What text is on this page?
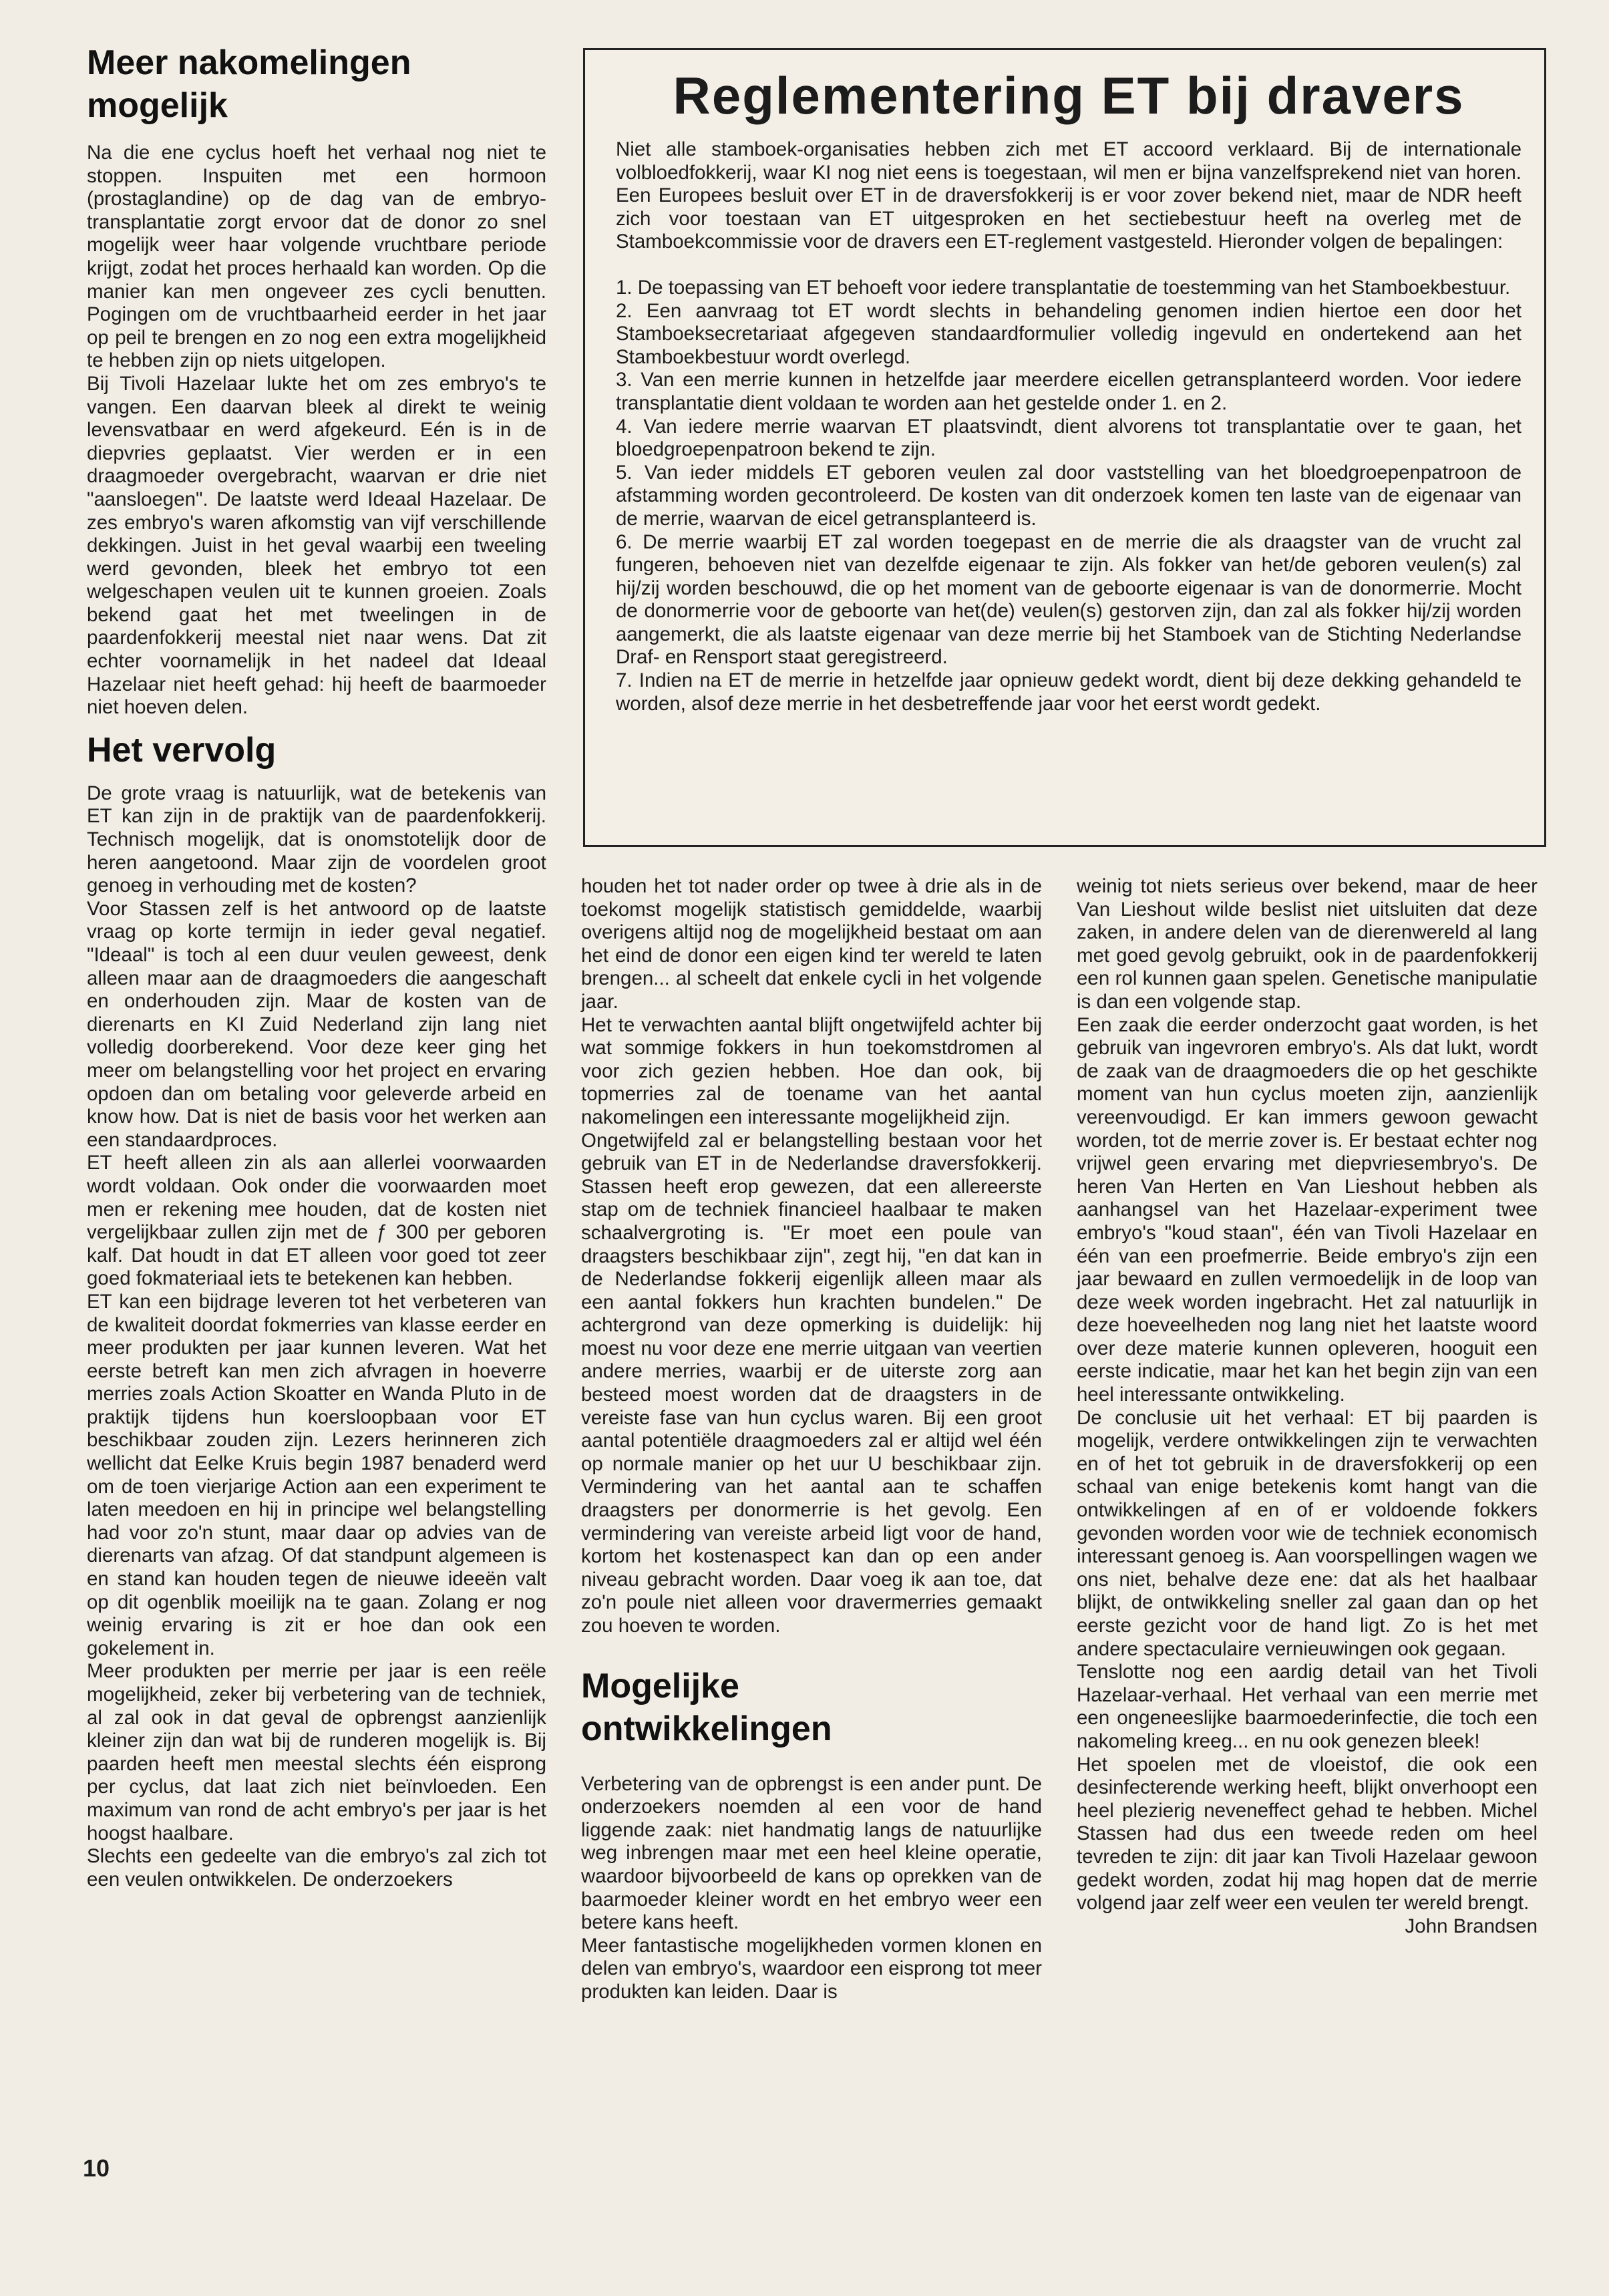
Meer nakomelingen mogelijk

Na die ene cyclus hoeft het verhaal nog niet te stoppen. Inspuiten met een hormoon (prostaglandine) op de dag van de embryo-transplantatie zorgt ervoor dat de donor zo snel mogelijk weer haar volgende vruchtbare periode krijgt, zodat het proces herhaald kan worden. Op die manier kan men ongeveer zes cycli benutten. Pogingen om de vruchtbaarheid eerder in het jaar op peil te brengen en zo nog een extra mogelijkheid te hebben zijn op niets uitgelopen.

Bij Tivoli Hazelaar lukte het om zes embryo's te vangen. Een daarvan bleek al direkt te weinig levensvatbaar en werd afgekeurd. Eén is in de diepvries geplaatst. Vier werden er in een draagmoeder overgebracht, waarvan er drie niet "aansloegen". De laatste werd Ideaal Hazelaar. De zes embryo's waren afkomstig van vijf verschillende dekkingen. Juist in het geval waarbij een tweeling werd gevonden, bleek het embryo tot een welgeschapen veulen uit te kunnen groeien. Zoals bekend gaat het met tweelingen in de paardenfokkerij meestal niet naar wens. Dat zit echter voornamelijk in het nadeel dat Ideaal Hazelaar niet heeft gehad: hij heeft de baarmoeder niet hoeven delen.

Het vervolg

De grote vraag is natuurlijk, wat de betekenis van ET kan zijn in de praktijk van de paardenfokkerij. Technisch mogelijk, dat is onomstotelijk door de heren aangetoond. Maar zijn de voordelen groot genoeg in verhouding met de kosten?

Voor Stassen zelf is het antwoord op de laatste vraag op korte termijn in ieder geval negatief. "Ideaal" is toch al een duur veulen geweest, denk alleen maar aan de draagmoeders die aangeschaft en onderhouden zijn. Maar de kosten van de dierenarts en KI Zuid Nederland zijn lang niet volledig doorberekend. Voor deze keer ging het meer om belangstelling voor het project en ervaring opdoen dan om betaling voor geleverde arbeid en know how. Dat is niet de basis voor het werken aan een standaardproces.

ET heeft alleen zin als aan allerlei voorwaarden wordt voldaan. Ook onder die voorwaarden moet men er rekening mee houden, dat de kosten niet vergelijkbaar zullen zijn met de ƒ 300 per geboren kalf. Dat houdt in dat ET alleen voor goed tot zeer goed fokmateriaal iets te betekenen kan hebben.

ET kan een bijdrage leveren tot het verbeteren van de kwaliteit doordat fokmerries van klasse eerder en meer produkten per jaar kunnen leveren. Wat het eerste betreft kan men zich afvragen in hoeverre merries zoals Action Skoatter en Wanda Pluto in de praktijk tijdens hun koersloopbaan voor ET beschikbaar zouden zijn. Lezers herinneren zich wellicht dat Eelke Kruis begin 1987 benaderd werd om de toen vierjarige Action aan een experiment te laten meedoen en hij in principe wel belangstelling had voor zo'n stunt, maar daar op advies van de dierenarts van afzag. Of dat standpunt algemeen is en stand kan houden tegen de nieuwe ideeën valt op dit ogenblik moeilijk na te gaan. Zolang er nog weinig ervaring is zit er hoe dan ook een gokelement in.

Meer produkten per merrie per jaar is een reële mogelijkheid, zeker bij verbetering van de techniek, al zal ook in dat geval de opbrengst aanzienlijk kleiner zijn dan wat bij de runderen mogelijk is. Bij paarden heeft men meestal slechts één eisprong per cyclus, dat laat zich niet beïnvloeden. Een maximum van rond de acht embryo's per jaar is het hoogst haalbare.

Slechts een gedeelte van die embryo's zal zich tot een veulen ontwikkelen. De onderzoekers

Reglementering ET bij dravers

Niet alle stamboek-organisaties hebben zich met ET accoord verklaard. Bij de internationale volbloedfokkerij, waar KI nog niet eens is toegestaan, wil men er bijna vanzelfsprekend niet van horen. Een Europees besluit over ET in de draversfokkerij is er voor zover bekend niet, maar de NDR heeft zich voor toestaan van ET uitgesproken en het sectiebestuur heeft na overleg met de Stamboekcommissie voor de dravers een ET-reglement vastgesteld. Hieronder volgen de bepalingen:

1. De toepassing van ET behoeft voor iedere transplantatie de toestemming van het Stamboekbestuur.

2. Een aanvraag tot ET wordt slechts in behandeling genomen indien hiertoe een door het Stamboeksecretariaat afgegeven standaardformulier volledig ingevuld en ondertekend aan het Stamboekbestuur wordt overlegd.

3. Van een merrie kunnen in hetzelfde jaar meerdere eicellen getransplanteerd worden. Voor iedere transplantatie dient voldaan te worden aan het gestelde onder 1. en 2.

4. Van iedere merrie waarvan ET plaatsvindt, dient alvorens tot transplantatie over te gaan, het bloedgroepenpatroon bekend te zijn.

5. Van ieder middels ET geboren veulen zal door vaststelling van het bloedgroepenpatroon de afstamming worden gecontroleerd. De kosten van dit onderzoek komen ten laste van de eigenaar van de merrie, waarvan de eicel getransplanteerd is.

6. De merrie waarbij ET zal worden toegepast en de merrie die als draagster van de vrucht zal fungeren, behoeven niet van dezelfde eigenaar te zijn. Als fokker van het/de geboren veulen(s) zal hij/zij worden beschouwd, die op het moment van de geboorte eigenaar is van de donormerrie. Mocht de donormerrie voor de geboorte van het(de) veulen(s) gestorven zijn, dan zal als fokker hij/zij worden aangemerkt, die als laatste eigenaar van deze merrie bij het Stamboek van de Stichting Nederlandse Draf- en Rensport staat geregistreerd.

7. Indien na ET de merrie in hetzelfde jaar opnieuw gedekt wordt, dient bij deze dekking gehandeld te worden, alsof deze merrie in het desbetreffende jaar voor het eerst wordt gedekt.

houden het tot nader order op twee à drie als in de toekomst mogelijk statistisch gemiddelde, waarbij overigens altijd nog de mogelijkheid bestaat om aan het eind de donor een eigen kind ter wereld te laten brengen... al scheelt dat enkele cycli in het volgende jaar.

Het te verwachten aantal blijft ongetwijfeld achter bij wat sommige fokkers in hun toekomstdromen al voor zich gezien hebben. Hoe dan ook, bij topmerries zal de toename van het aantal nakomelingen een interessante mogelijkheid zijn.

Ongetwijfeld zal er belangstelling bestaan voor het gebruik van ET in de Nederlandse draversfokkerij. Stassen heeft erop gewezen, dat een allereerste stap om de techniek financieel haalbaar te maken schaalvergroting is. "Er moet een poule van draagsters beschikbaar zijn", zegt hij, "en dat kan in de Nederlandse fokkerij eigenlijk alleen maar als een aantal fokkers hun krachten bundelen." De achtergrond van deze opmerking is duidelijk: hij moest nu voor deze ene merrie uitgaan van veertien andere merries, waarbij er de uiterste zorg aan besteed moest worden dat de draagsters in de vereiste fase van hun cyclus waren. Bij een groot aantal potentiële draagmoeders zal er altijd wel één op normale manier op het uur U beschikbaar zijn. Vermindering van het aantal aan te schaffen draagsters per donormerrie is het gevolg. Een vermindering van vereiste arbeid ligt voor de hand, kortom het kostenaspect kan dan op een ander niveau gebracht worden. Daar voeg ik aan toe, dat zo'n poule niet alleen voor dravermerries gemaakt zou hoeven te worden.

Mogelijke ontwikkelingen

Verbetering van de opbrengst is een ander punt. De onderzoekers noemden al een voor de hand liggende zaak: niet handmatig langs de natuurlijke weg inbrengen maar met een heel kleine operatie, waardoor bijvoorbeeld de kans op oprekken van de baarmoeder kleiner wordt en het embryo weer een betere kans heeft.

Meer fantastische mogelijkheden vormen klonen en delen van embryo's, waardoor een eisprong tot meer produkten kan leiden. Daar is

weinig tot niets serieus over bekend, maar de heer Van Lieshout wilde beslist niet uitsluiten dat deze zaken, in andere delen van de dierenwereld al lang met goed gevolg gebruikt, ook in de paardenfokkerij een rol kunnen gaan spelen. Genetische manipulatie is dan een volgende stap.

Een zaak die eerder onderzocht gaat worden, is het gebruik van ingevroren embryo's. Als dat lukt, wordt de zaak van de draagmoeders die op het geschikte moment van hun cyclus moeten zijn, aanzienlijk vereenvoudigd. Er kan immers gewoon gewacht worden, tot de merrie zover is. Er bestaat echter nog vrijwel geen ervaring met diepvriesembryo's. De heren Van Herten en Van Lieshout hebben als aanhangsel van het Hazelaar-experiment twee embryo's "koud staan", één van Tivoli Hazelaar en één van een proefmerrie. Beide embryo's zijn een jaar bewaard en zullen vermoedelijk in de loop van deze week worden ingebracht. Het zal natuurlijk in deze hoeveelheden nog lang niet het laatste woord over deze materie kunnen opleveren, hooguit een eerste indicatie, maar het kan het begin zijn van een heel interessante ontwikkeling.

De conclusie uit het verhaal: ET bij paarden is mogelijk, verdere ontwikkelingen zijn te verwachten en of het tot gebruik in de draversfokkerij op een schaal van enige betekenis komt hangt van die ontwikkelingen af en of er voldoende fokkers gevonden worden voor wie de techniek economisch interessant genoeg is. Aan voorspellingen wagen we ons niet, behalve deze ene: dat als het haalbaar blijkt, de ontwikkeling sneller zal gaan dan op het eerste gezicht voor de hand ligt. Zo is het met andere spectaculaire vernieuwingen ook gegaan.

Tenslotte nog een aardig detail van het Tivoli Hazelaar-verhaal. Het verhaal van een merrie met een ongeneeslijke baarmoederinfectie, die toch een nakomeling kreeg... en nu ook genezen bleek!

Het spoelen met de vloeistof, die ook een desinfecterende werking heeft, blijkt onverhoopt een heel plezierig neveneffect gehad te hebben. Michel Stassen had dus een tweede reden om heel tevreden te zijn: dit jaar kan Tivoli Hazelaar gewoon gedekt worden, zodat hij mag hopen dat de merrie volgend jaar zelf weer een veulen ter wereld brengt.

John Brandsen

10
